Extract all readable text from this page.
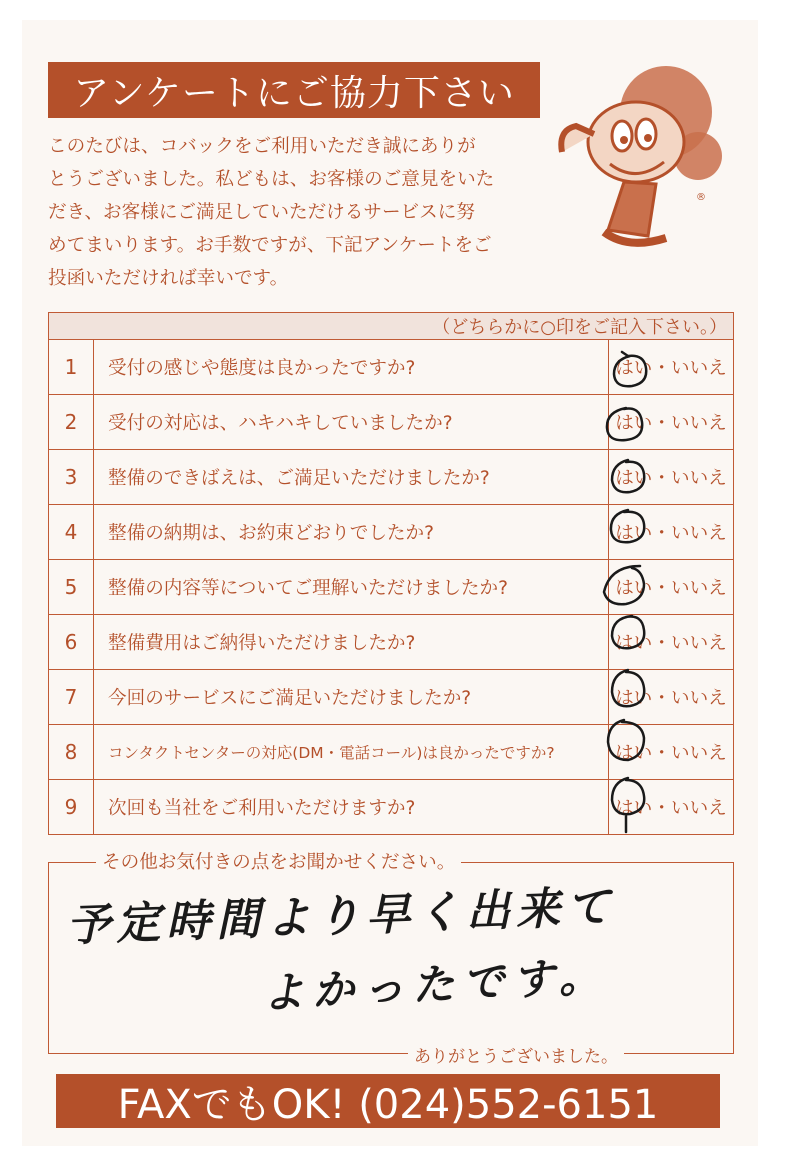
アンケートにご協力下さい
このたびは、コバックをご利用いただき誠にありが
とうございました。私どもは、お客様のご意見をいた
だき、お客様にご満足していただけるサービスに努
めてまいります。お手数ですが、下記アンケートをご
投函いただければ幸いです。
®
（どちらかに○印をご記入下さい。）		
1	受付の感じや態度は良かったですか?	はい・いいえ
2	受付の対応は、ハキハキしていましたか?	はい・いいえ
3	整備のできばえは、ご満足いただけましたか?	はい・いいえ
4	整備の納期は、お約束どおりでしたか?	はい・いいえ
5	整備の内容等についてご理解いただけましたか?	はい・いいえ
6	整備費用はご納得いただけましたか?	はい・いいえ
7	今回のサービスにご満足いただけましたか?	はい・いいえ
8	コンタクトセンターの対応(DM・電話コール)は良かったですか?	はい・いいえ
9	次回も当社をご利用いただけますか?	はい・いいえ
その他お気付きの点をお聞かせください。
予定時間より早く出来て
よかったです。
ありがとうございました。
FAXでもOK! (024)552-6151
